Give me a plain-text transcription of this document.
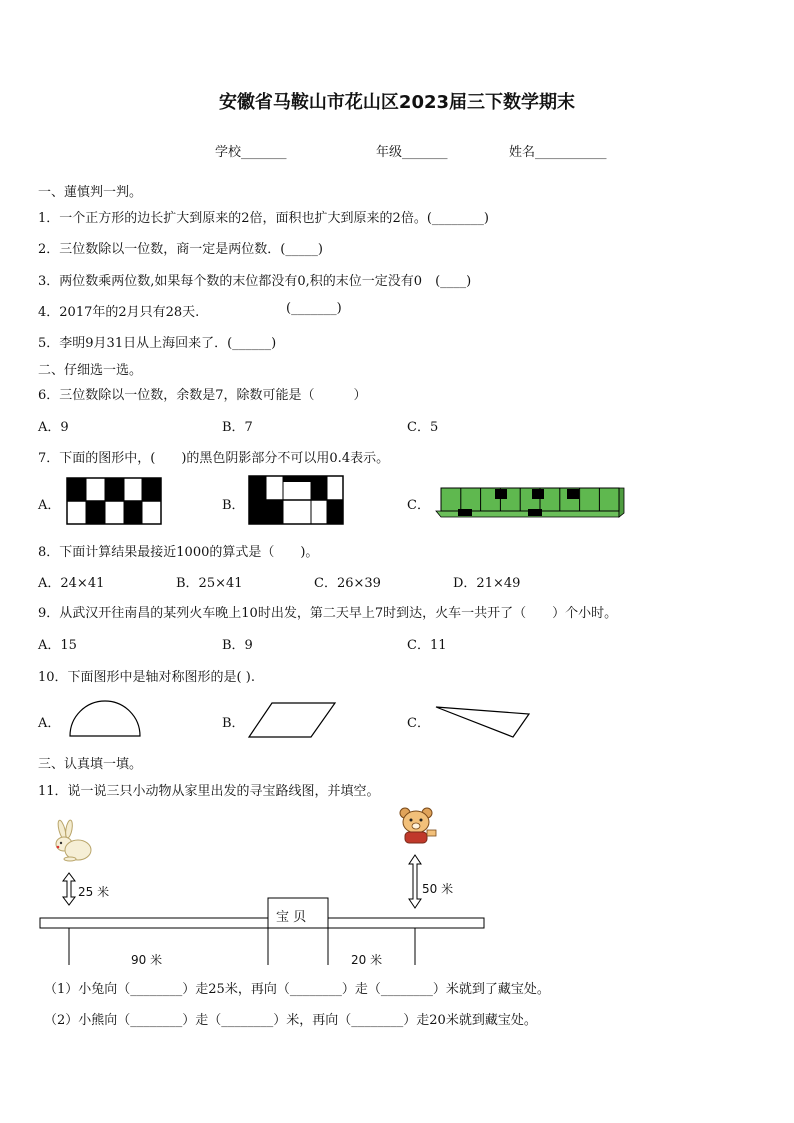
安徽省马鞍山市花山区2023届三下数学期末
学校_______	年级_______	姓名___________
一、蓮慎判一判。
1．一个正方形的边长扩大到原来的2倍，面积也扩大到原来的2倍。(________)
2．三位数除以一位数，商一定是两位数．(_____)
3．两位数乘两位数,如果每个数的末位都没有0,积的末位一定没有0　(____)
4．2017年的2月只有28天.	(_______)
5．李明9月31日从上海回来了．(______)
二、仔细选一选。
6．三位数除以一位数，余数是7，除数可能是（　　　）
A．9	B．7	C．5
7．下面的图形中，(　　)的黑色阴影部分不可以用0.4表示。
A．	B．	C．
8．下面计算结果最接近1000的算式是（　　)。
A．24×41	B．25×41	C．26×39	D．21×49
9．从武汉开往南昌的某列火车晚上10时出发，第二天早上7时到达，火车一共开了（　　）个小时。
A．15	B．9	C．11
10．下面图形中是轴对称图形的是( ).
A．	B．	C．
三、认真填一填。
11．说一说三只小动物从家里出发的寻宝路线图，并填空。
宝 贝
25 米	50 米
90 米	20 米
（1）小兔向（________）走25米，再向（________）走（________）米就到了藏宝处。
（2）小熊向（________）走（________）米，再向（________）走20米就到藏宝处。
